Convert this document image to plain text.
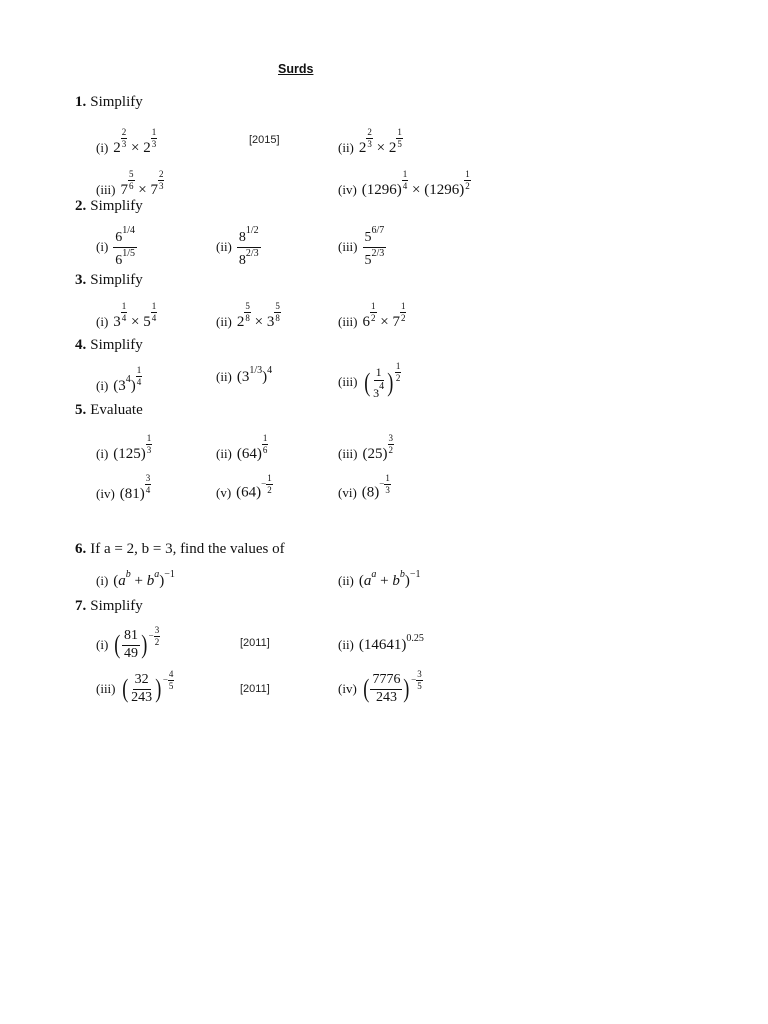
Surds
1. Simplify
(i) $2 \frac{2}{3} \times 2 \frac{1}{3}$	[2015]	(ii) $2 \frac{2}{3} \times 2 \frac{1}{5}$
(iii) $7 \frac{5}{6} \times 7 \frac{2}{3}$	(iv) $(1296) \frac{1}{4} \times (1296) \frac{1}{2}$
2. Simplify
$(i) \frac{6^{1/4}}{6^{1/5}}$	$(ii) \frac{8^{1/2}}{8^{2/3}}$	$(iii) \frac{5^{6/7}}{5^{2/3}}$
3. Simplify
(i) $3 \frac{1}{4} \times 5 \frac{1}{4}$	(ii) $2 \frac{5}{8} \times 3 \frac{5}{8}$	(iii) $6 \frac{1}{2} \times 7 \frac{1}{2}$
4. Simplify
(i) $(3^4) \frac{1}{4}$	(ii) $(3^{1/3})^4$
(iii) ( $\frac{1}{3^4}$ ) $\frac{1}{2}$
5. Evaluate
(i) $(125) \frac{1}{3}$	(ii) $(64) \frac{1}{6}$	(iii) $(25) \frac{3}{2}$
(iv) $(81) \frac{3}{4}$	(v) $(64)- \frac{1}{2}$	(vi) $(8)- \frac{1}{3}$
6. If a = 2, b = 3, find the values of
(i) $(a^b + b^a)^{-1}$	(ii) $(a^a + b^b)^{-1}$
7. Simplify
(i) ( $\frac{81}{49}$ )− $\frac{3}{2}$	[2011]	(ii) $(14641)^{0.25}$
(iii) ( $\frac{32}{243}$ )− $\frac{4}{5}$	[2011]	(iv) ( $\frac{7776}{243}$ )− $\frac{3}{5}$
